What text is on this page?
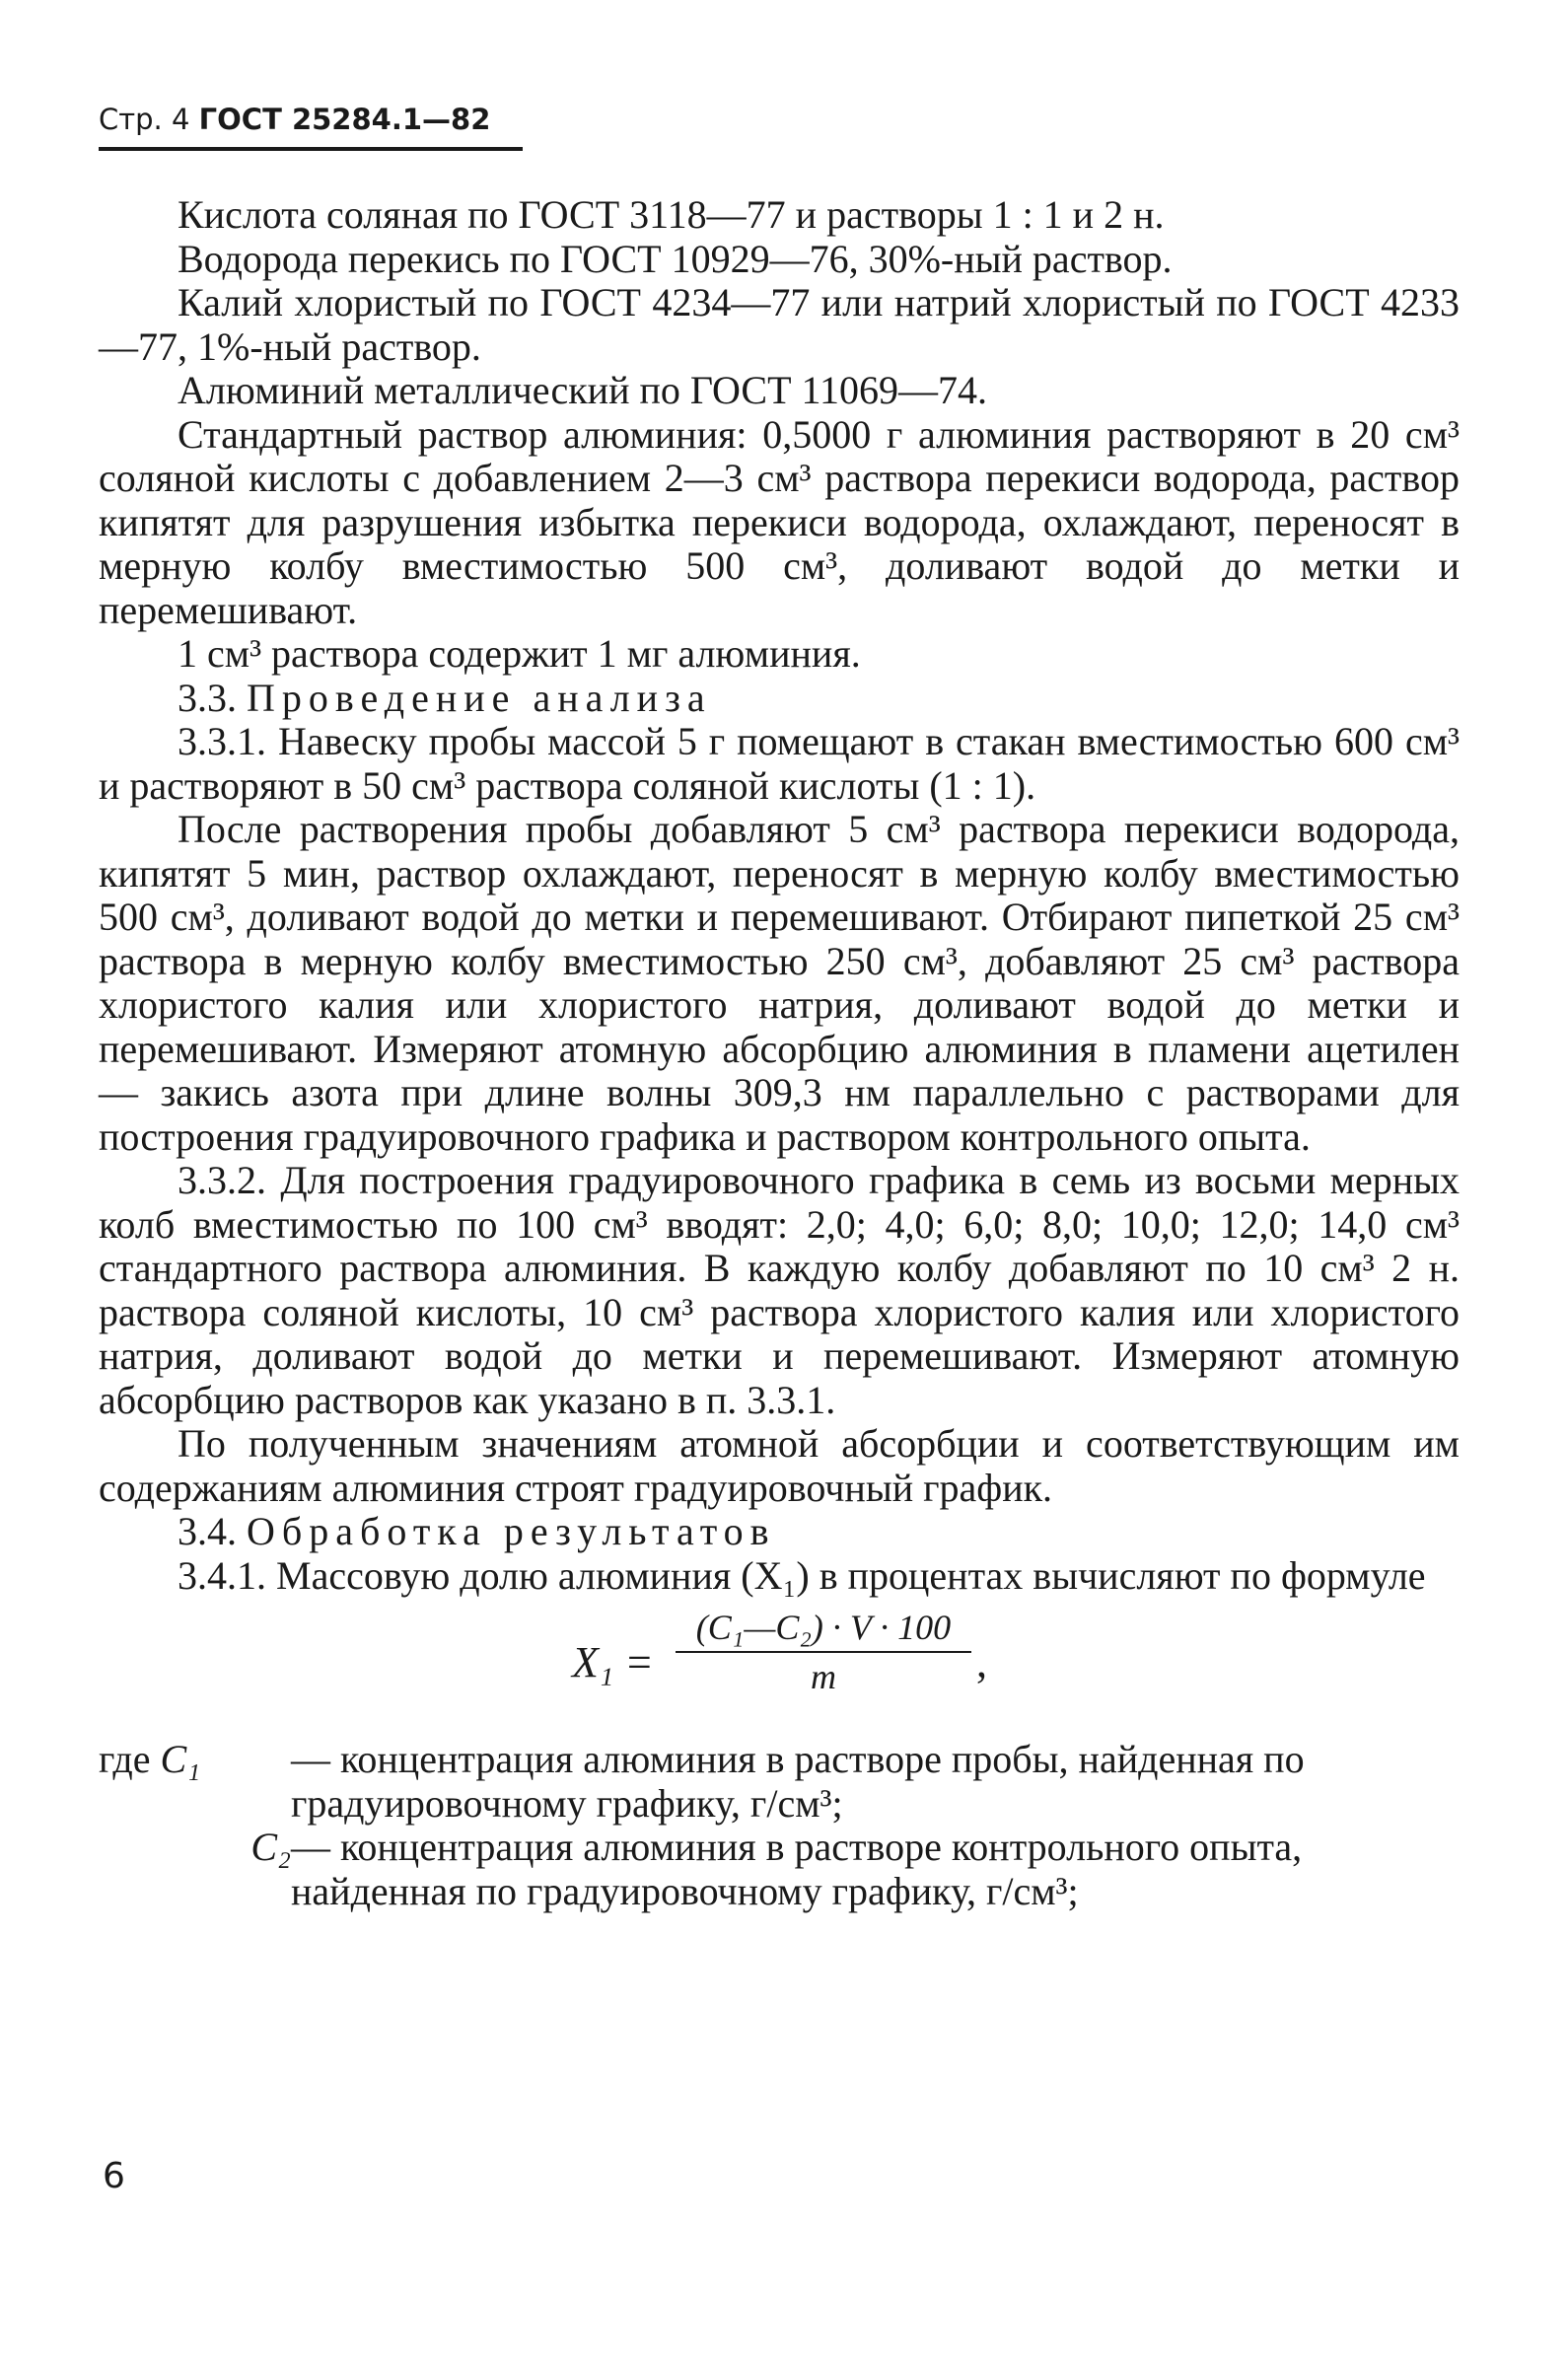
Стр. 4 ГОСТ 25284.1—82

Кислота соляная по ГОСТ 3118—77 и растворы 1 : 1 и 2 н.

Водорода перекись по ГОСТ 10929—76, 30%-ный раствор.

Калий хлористый по ГОСТ 4234—77 или натрий хлористый по ГОСТ 4233—77, 1%-ный раствор.

Алюминий металлический по ГОСТ 11069—74.

Стандартный раствор алюминия: 0,5000 г алюминия растворяют в 20 см³ соляной кислоты с добавлением 2—3 см³ раствора перекиси водорода, раствор кипятят для разрушения избытка перекиси водорода, охлаждают, переносят в мерную колбу вместимостью 500 см³, доливают водой до метки и перемешивают.

1 см³ раствора содержит 1 мг алюминия.

3.3. Проведение анализа

3.3.1. Навеску пробы массой 5 г помещают в стакан вместимостью 600 см³ и растворяют в 50 см³ раствора соляной кислоты (1 : 1).

После растворения пробы добавляют 5 см³ раствора перекиси водорода, кипятят 5 мин, раствор охлаждают, переносят в мерную колбу вместимостью 500 см³, доливают водой до метки и перемешивают. Отбирают пипеткой 25 см³ раствора в мерную колбу вместимостью 250 см³, добавляют 25 см³ раствора хлористого калия или хлористого натрия, доливают водой до метки и перемешивают. Измеряют атомную абсорбцию алюминия в пламени ацетилен — закись азота при длине волны 309,3 нм параллельно с растворами для построения градуировочного графика и раствором контрольного опыта.

3.3.2. Для построения градуировочного графика в семь из восьми мерных колб вместимостью по 100 см³ вводят: 2,0; 4,0; 6,0; 8,0; 10,0; 12,0; 14,0 см³ стандартного раствора алюминия. В каждую колбу добавляют по 10 см³ 2 н. раствора соляной кислоты, 10 см³ раствора хлористого калия или хлористого натрия, доливают водой до метки и перемешивают. Измеряют атомную абсорбцию растворов как указано в п. 3.3.1.

По полученным значениям атомной абсорбции и соответствующим им содержаниям алюминия строят градуировочный график.

3.4. Обработка результатов

3.4.1. Массовую долю алюминия (X₁) в процентах вычисляют по формуле

X₁ =
(C₁—C₂) · V · 100
m	,
где C₁	— концентрация алюминия в растворе пробы, найденная по градуировочному графику, г/см³;
C₂ — концентрация алюминия в растворе контрольного опыта, найденная по градуировочному графику, г/см³;
6
